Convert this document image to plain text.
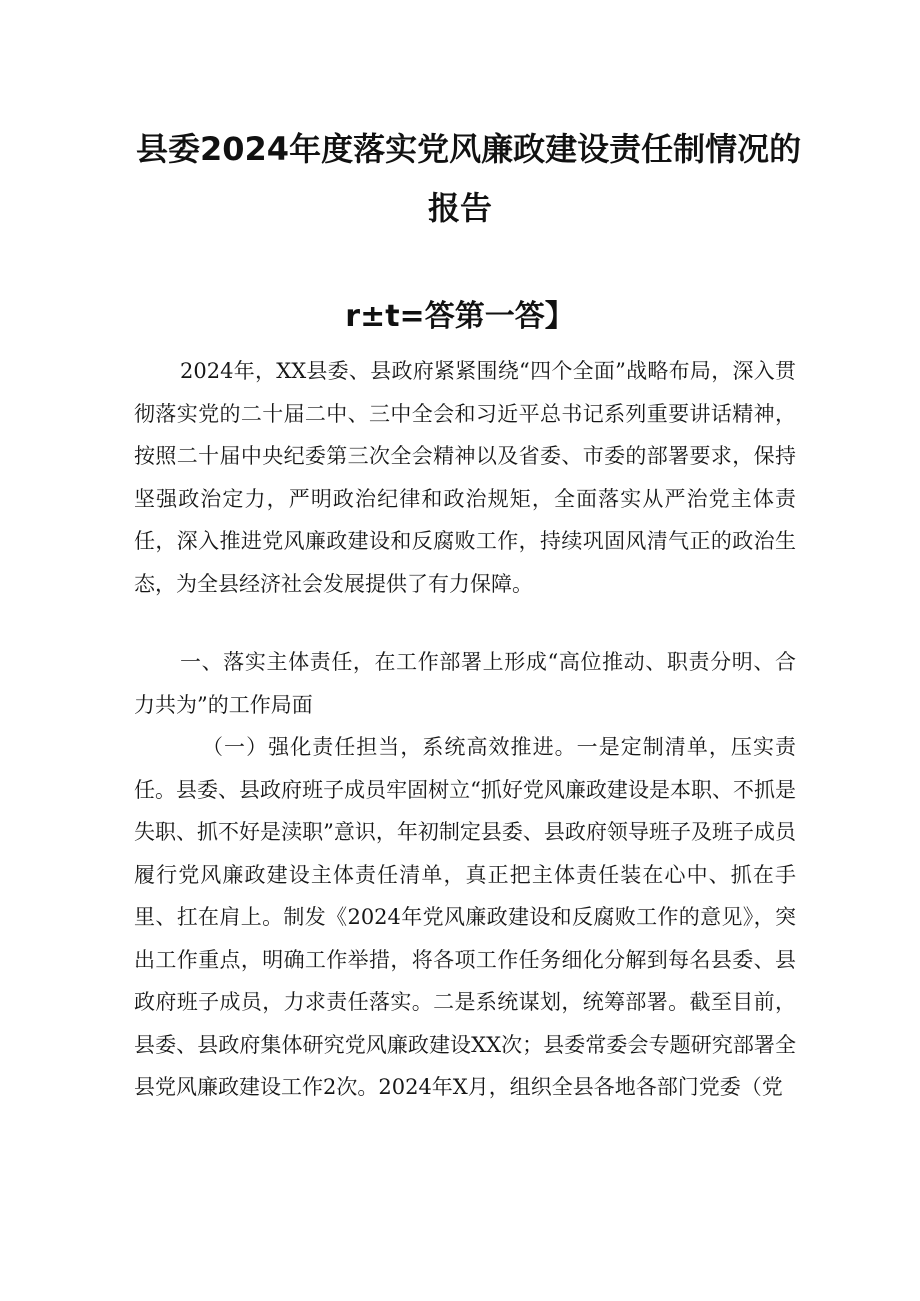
县委2024年度落实党风廉政建设责任制情况的
报告
r±t=答第一答】

2024年，XX县委、县政府紧紧围绕“四个全面”战略布局，深入贯彻落实党的二十届二中、三中全会和习近平总书记系列重要讲话精神，按照二十届中央纪委第三次全会精神以及省委、市委的部署要求，保持坚强政治定力，严明政治纪律和政治规矩，全面落实从严治党主体责任，深入推进党风廉政建设和反腐败工作，持续巩固风清气正的政治生态，为全县经济社会发展提供了有力保障。

一、落实主体责任，在工作部署上形成“高位推动、职责分明、合力共为”的工作局面

（一）强化责任担当，系统高效推进。一是定制清单，压实责任。县委、县政府班子成员牢固树立“抓好党风廉政建设是本职、不抓是失职、抓不好是渎职”意识，年初制定县委、县政府领导班子及班子成员履行党风廉政建设主体责任清单，真正把主体责任装在心中、抓在手里、扛在肩上。制发《2024年党风廉政建设和反腐败工作的意见》，突出工作重点，明确工作举措，将各项工作任务细化分解到每名县委、县政府班子成员，力求责任落实。二是系统谋划，统筹部署。截至目前，县委、县政府集体研究党风廉政建设XX次；县委常委会专题研究部署全县党风廉政建设工作2次。2024年X月，组织全县各地各部门党委（党
